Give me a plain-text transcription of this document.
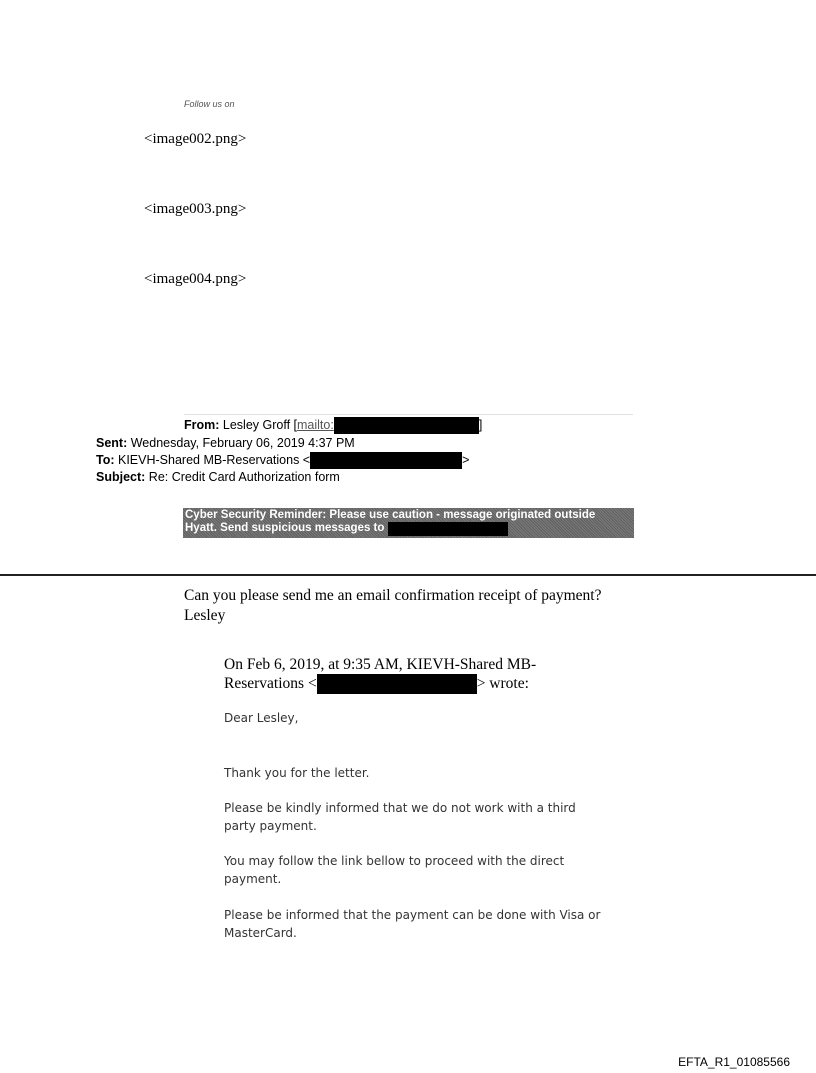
Follow us on
<image002.png>
<image003.png>
<image004.png>
From: Lesley Groff [mailto:	]
Sent: Wednesday, February 06, 2019 4:37 PM
To: KIEVH-Shared MB-Reservations <	>
Subject: Re: Credit Card Authorization form
Cyber Security Reminder: Please use caution - message originated outside
Hyatt. Send suspicious messages to
Can you please send me an email confirmation receipt of payment?
Lesley
On Feb 6, 2019, at 9:35 AM, KIEVH-Shared MB-
Reservations <	> wrote:
Dear Lesley,
Thank you for the letter.
Please be kindly informed that we do not work with a third party payment.
You may follow the link bellow to proceed with the direct payment.
Please be informed that the payment can be done with Visa or MasterCard.
EFTA_R1_01085566
